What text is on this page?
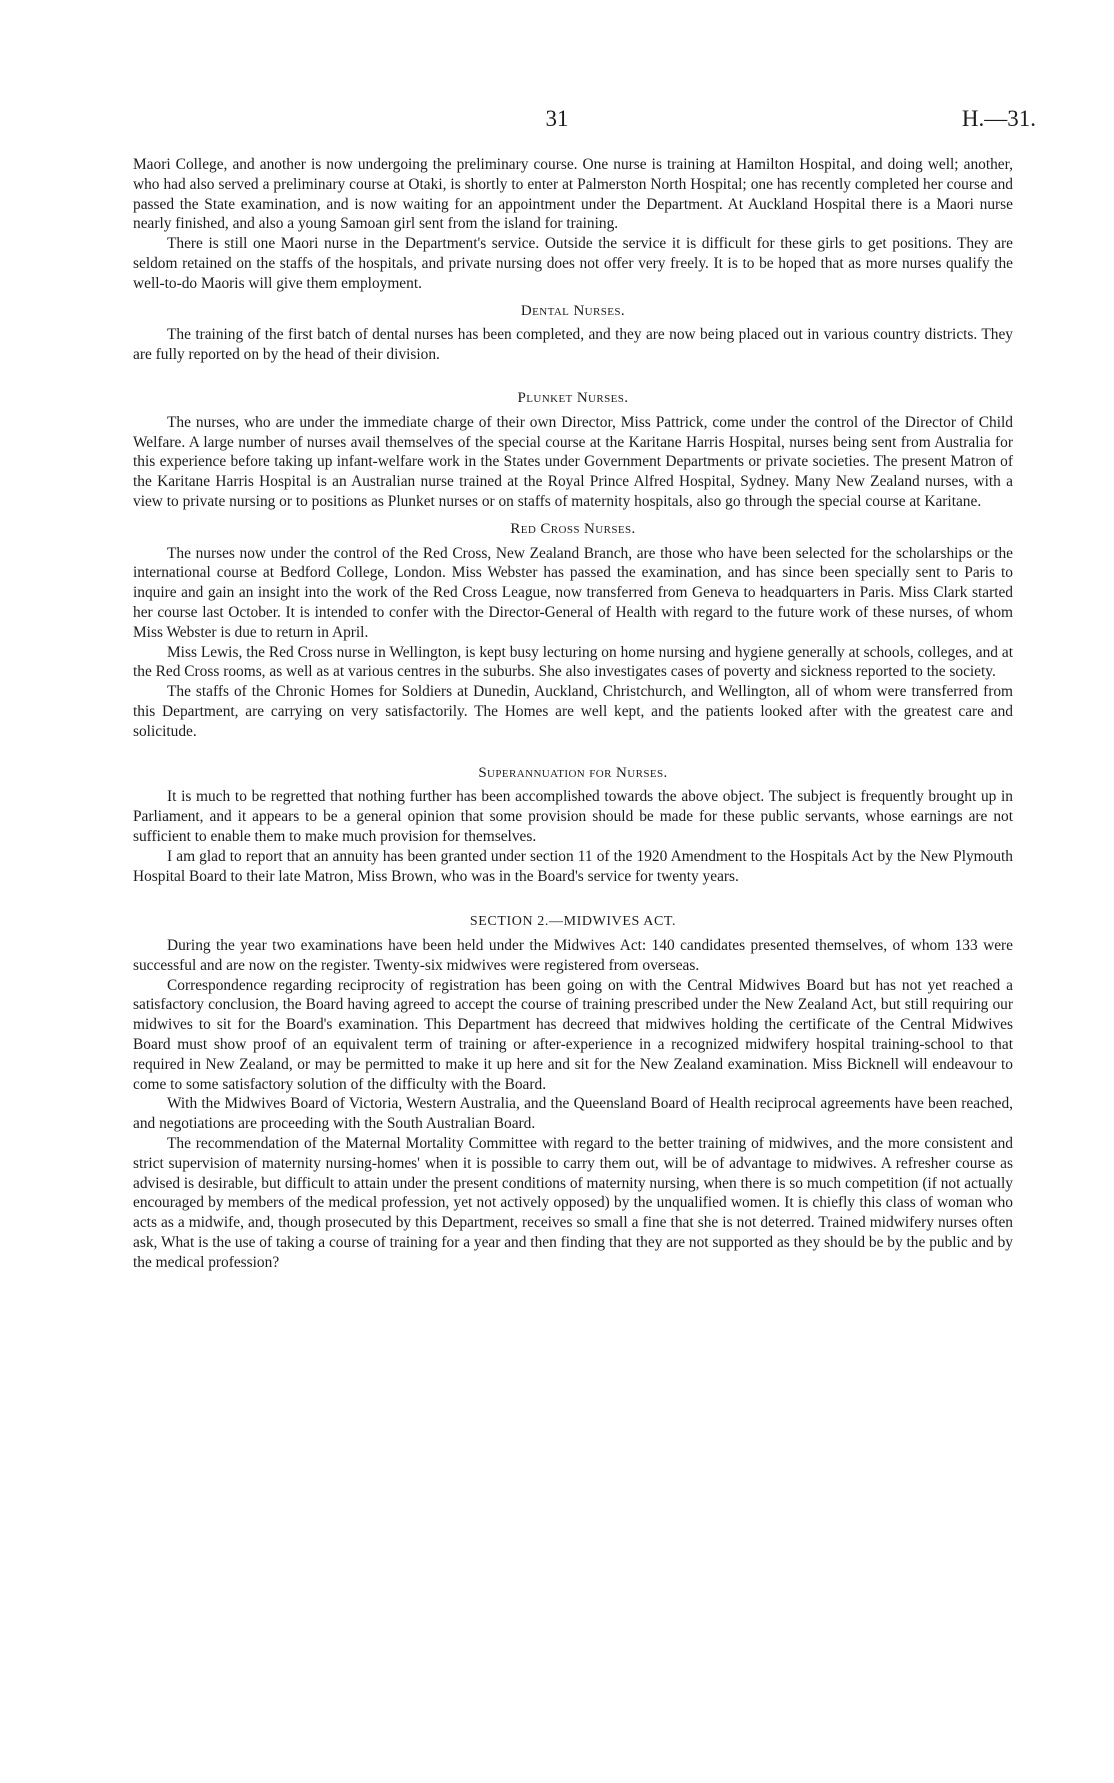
31	H.—31.

Maori College, and another is now undergoing the preliminary course. One nurse is training at Hamilton Hospital, and doing well; another, who had also served a preliminary course at Otaki, is shortly to enter at Palmerston North Hospital; one has recently completed her course and passed the State examination, and is now waiting for an appointment under the Department. At Auckland Hospital there is a Maori nurse nearly finished, and also a young Samoan girl sent from the island for training.

There is still one Maori nurse in the Department's service. Outside the service it is difficult for these girls to get positions. They are seldom retained on the staffs of the hospitals, and private nursing does not offer very freely. It is to be hoped that as more nurses qualify the well-to-do Maoris will give them employment.

Dental Nurses.

The training of the first batch of dental nurses has been completed, and they are now being placed out in various country districts. They are fully reported on by the head of their division.

Plunket Nurses.

The nurses, who are under the immediate charge of their own Director, Miss Pattrick, come under the control of the Director of Child Welfare. A large number of nurses avail themselves of the special course at the Karitane Harris Hospital, nurses being sent from Australia for this experience before taking up infant-welfare work in the States under Government Departments or private societies. The present Matron of the Karitane Harris Hospital is an Australian nurse trained at the Royal Prince Alfred Hospital, Sydney. Many New Zealand nurses, with a view to private nursing or to positions as Plunket nurses or on staffs of maternity hospitals, also go through the special course at Karitane.

Red Cross Nurses.

The nurses now under the control of the Red Cross, New Zealand Branch, are those who have been selected for the scholarships or the international course at Bedford College, London. Miss Webster has passed the examination, and has since been specially sent to Paris to inquire and gain an insight into the work of the Red Cross League, now transferred from Geneva to headquarters in Paris. Miss Clark started her course last October. It is intended to confer with the Director-General of Health with regard to the future work of these nurses, of whom Miss Webster is due to return in April.

Miss Lewis, the Red Cross nurse in Wellington, is kept busy lecturing on home nursing and hygiene generally at schools, colleges, and at the Red Cross rooms, as well as at various centres in the suburbs. She also investigates cases of poverty and sickness reported to the society.

The staffs of the Chronic Homes for Soldiers at Dunedin, Auckland, Christchurch, and Wellington, all of whom were transferred from this Department, are carrying on very satisfactorily. The Homes are well kept, and the patients looked after with the greatest care and solicitude.

Superannuation for Nurses.

It is much to be regretted that nothing further has been accomplished towards the above object. The subject is frequently brought up in Parliament, and it appears to be a general opinion that some provision should be made for these public servants, whose earnings are not sufficient to enable them to make much provision for themselves.

I am glad to report that an annuity has been granted under section 11 of the 1920 Amendment to the Hospitals Act by the New Plymouth Hospital Board to their late Matron, Miss Brown, who was in the Board's service for twenty years.

SECTION 2.—MIDWIVES ACT.

During the year two examinations have been held under the Midwives Act: 140 candidates presented themselves, of whom 133 were successful and are now on the register. Twenty-six midwives were registered from overseas.

Correspondence regarding reciprocity of registration has been going on with the Central Midwives Board but has not yet reached a satisfactory conclusion, the Board having agreed to accept the course of training prescribed under the New Zealand Act, but still requiring our midwives to sit for the Board's examination. This Department has decreed that midwives holding the certificate of the Central Midwives Board must show proof of an equivalent term of training or after-experience in a recognized midwifery hospital training-school to that required in New Zealand, or may be permitted to make it up here and sit for the New Zealand examination. Miss Bicknell will endeavour to come to some satisfactory solution of the difficulty with the Board.

With the Midwives Board of Victoria, Western Australia, and the Queensland Board of Health reciprocal agreements have been reached, and negotiations are proceeding with the South Australian Board.

The recommendation of the Maternal Mortality Committee with regard to the better training of midwives, and the more consistent and strict supervision of maternity nursing-homes' when it is possible to carry them out, will be of advantage to midwives. A refresher course as advised is desirable, but difficult to attain under the present conditions of maternity nursing, when there is so much competition (if not actually encouraged by members of the medical profession, yet not actively opposed) by the unqualified women. It is chiefly this class of woman who acts as a midwife, and, though prosecuted by this Department, receives so small a fine that she is not deterred. Trained midwifery nurses often ask, What is the use of taking a course of training for a year and then finding that they are not supported as they should be by the public and by the medical profession?
